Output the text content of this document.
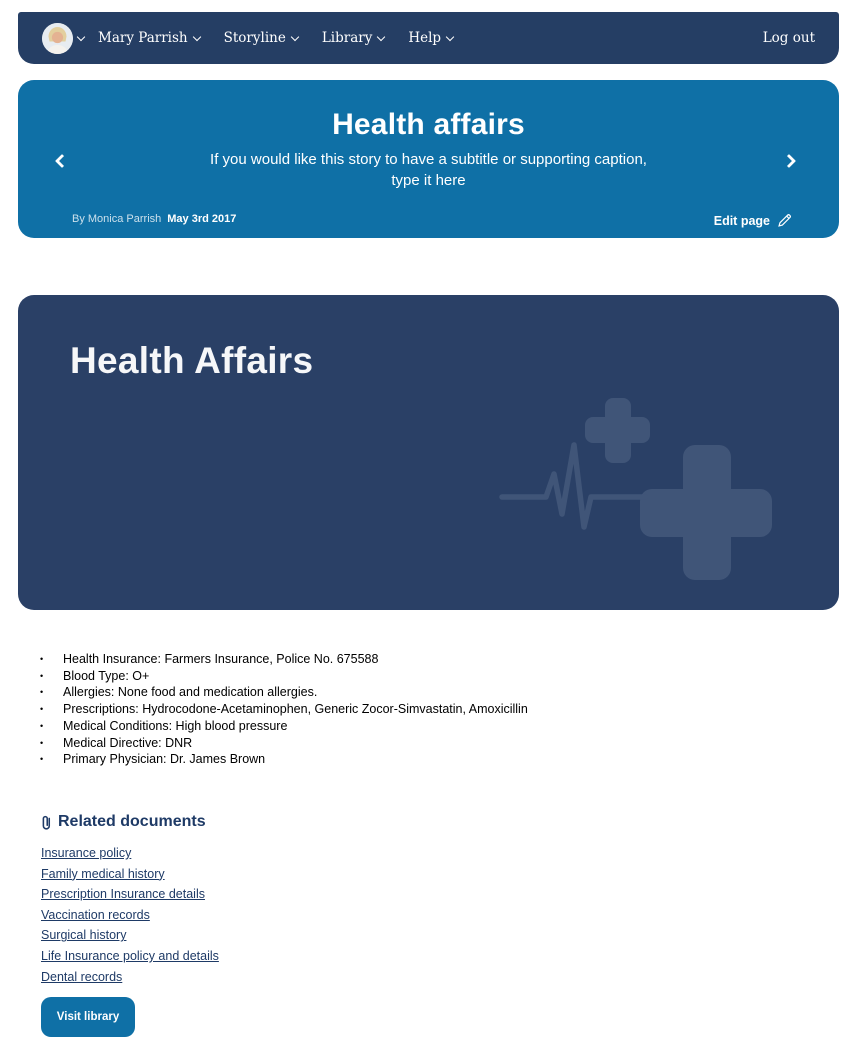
Mary Parrish	Storyline	Library	Help	Log out
Health affairs

If you would like this story to have a subtitle or supporting caption,
type it here

By Monica Parrish May 3rd 2017	Edit page
Health Affairs
•	Health Insurance: Farmers Insurance, Police No. 675588
•	Blood Type: O+
•	Allergies: None food and medication allergies.
•	Prescriptions: Hydrocodone-Acetaminophen, Generic Zocor-Simvastatin, Amoxicillin
•	Medical Conditions: High blood pressure
•	Medical Directive: DNR
•	Primary Physician: Dr. James Brown
Related documents
Insurance policy
Family medical history
Prescription Insurance details
Vaccination records
Surgical history
Life Insurance policy and details
Dental records
Visit library
